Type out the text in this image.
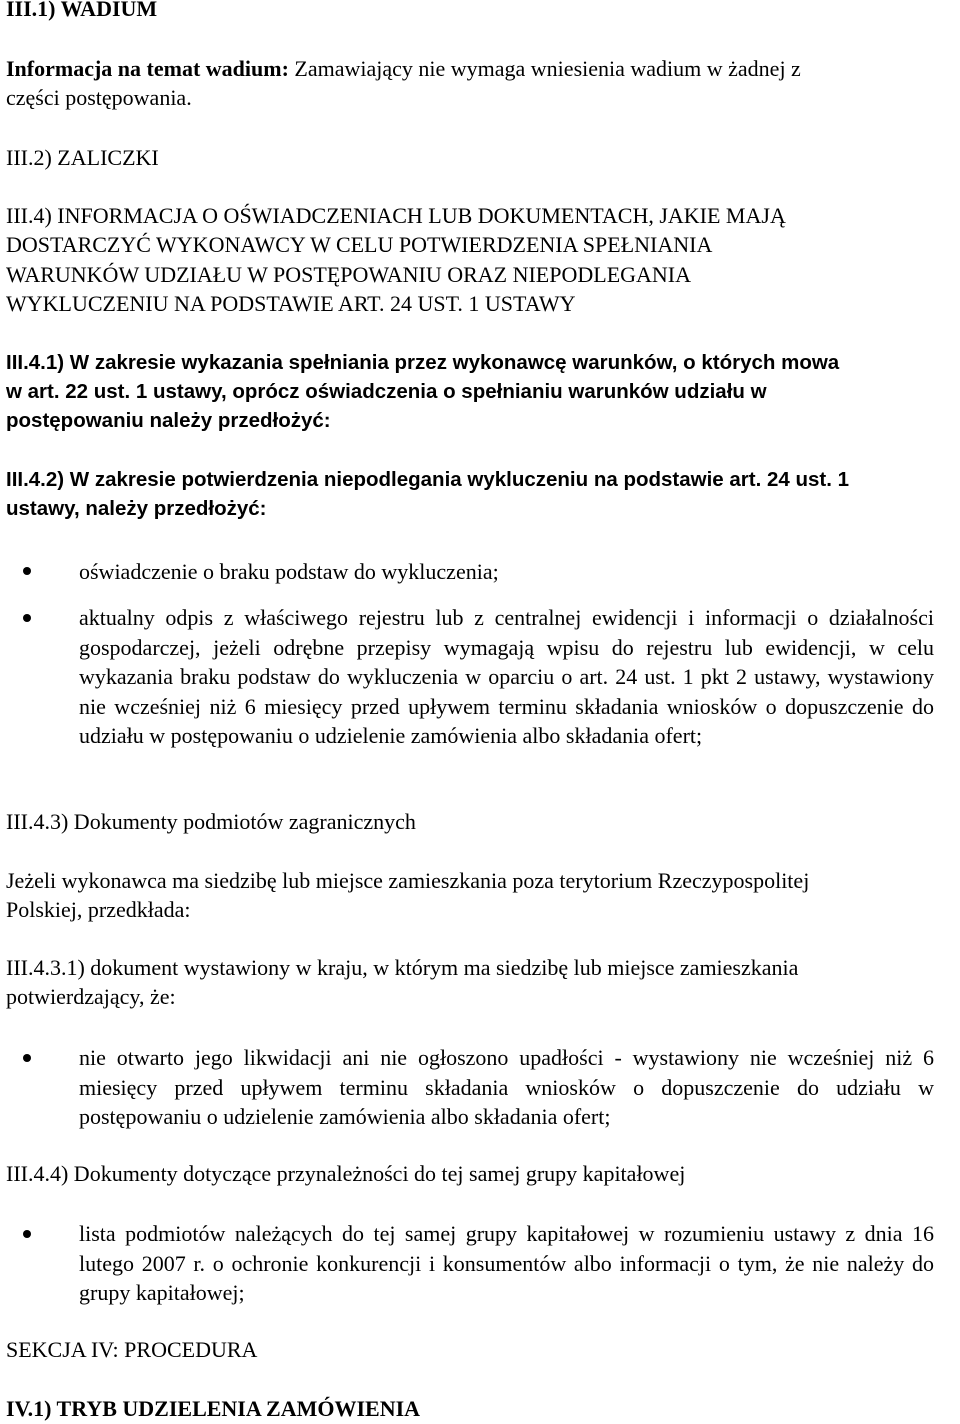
III.1) WADIUM

Informacja na temat wadium: Zamawiający nie wymaga wniesienia wadium w żadnej z

części postępowania.

III.2) ZALICZKI

III.4) INFORMACJA O OŚWIADCZENIACH LUB DOKUMENTACH, JAKIE MAJĄ

DOSTARCZYĆ WYKONAWCY W CELU POTWIERDZENIA SPEŁNIANIA

WARUNKÓW UDZIAŁU W POSTĘPOWANIU ORAZ NIEPODLEGANIA

WYKLUCZENIU NA PODSTAWIE ART. 24 UST. 1 USTAWY

III.4.1) W zakresie wykazania spełniania przez wykonawcę warunków, o których mowa

w art. 22 ust. 1 ustawy, oprócz oświadczenia o spełnianiu warunków udziału w

postępowaniu należy przedłożyć:

III.4.2) W zakresie potwierdzenia niepodlegania wykluczeniu na podstawie art. 24 ust. 1

ustawy, należy przedłożyć:

oświadczenie o braku podstaw do wykluczenia;

aktualny odpis z właściwego rejestru lub z centralnej ewidencji i informacji o działalności gospodarczej, jeżeli odrębne przepisy wymagają wpisu do rejestru lub ewidencji, w celu wykazania braku podstaw do wykluczenia w oparciu o art. 24 ust. 1 pkt 2 ustawy, wystawiony nie wcześniej niż 6 miesięcy przed upływem terminu składania wniosków o dopuszczenie do udziału w postępowaniu o udzielenie zamówienia albo składania ofert;

III.4.3) Dokumenty podmiotów zagranicznych

Jeżeli wykonawca ma siedzibę lub miejsce zamieszkania poza terytorium Rzeczypospolitej

Polskiej, przedkłada:

III.4.3.1) dokument wystawiony w kraju, w którym ma siedzibę lub miejsce zamieszkania

potwierdzający, że:

nie otwarto jego likwidacji ani nie ogłoszono upadłości - wystawiony nie wcześniej niż 6 miesięcy przed upływem terminu składania wniosków o dopuszczenie do udziału w postępowaniu o udzielenie zamówienia albo składania ofert;

III.4.4) Dokumenty dotyczące przynależności do tej samej grupy kapitałowej

lista podmiotów należących do tej samej grupy kapitałowej w rozumieniu ustawy z dnia 16 lutego 2007 r. o ochronie konkurencji i konsumentów albo informacji o tym, że nie należy do grupy kapitałowej;

SEKCJA IV: PROCEDURA

IV.1) TRYB UDZIELENIA ZAMÓWIENIA
